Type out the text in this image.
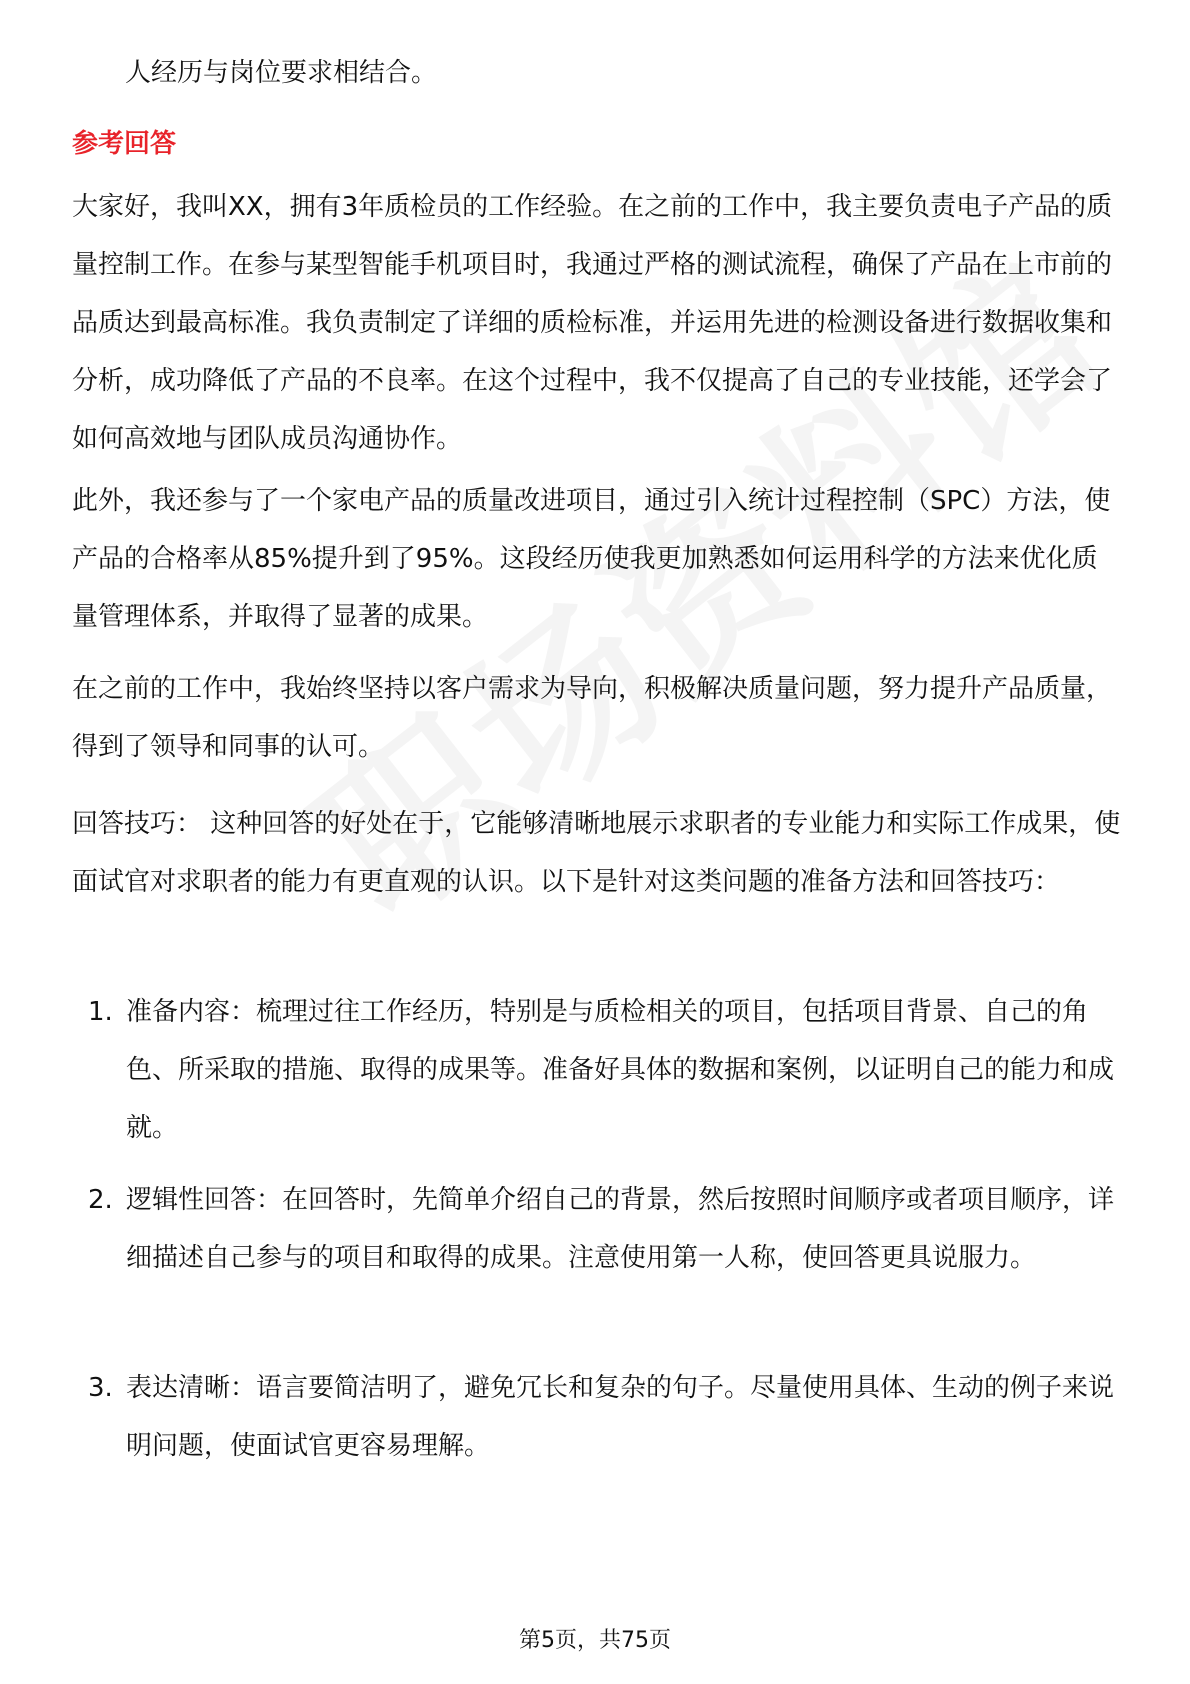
人经历与岗位要求相结合。

参考回答

大家好，我叫XX，拥有3年质检员的工作经验。在之前的工作中，我主要负责电子产品的质量控制工作。在参与某型智能手机项目时，我通过严格的测试流程，确保了产品在上市前的品质达到最高标准。我负责制定了详细的质检标准，并运用先进的检测设备进行数据收集和分析，成功降低了产品的不良率。在这个过程中，我不仅提高了自己的专业技能，还学会了如何高效地与团队成员沟通协作。

此外，我还参与了一个家电产品的质量改进项目，通过引入统计过程控制（SPC）方法，使产品的合格率从85%提升到了95%。这段经历使我更加熟悉如何运用科学的方法来优化质量管理体系，并取得了显著的成果。

在之前的工作中，我始终坚持以客户需求为导向，积极解决质量问题，努力提升产品质量，得到了领导和同事的认可。

回答技巧： 这种回答的好处在于，它能够清晰地展示求职者的专业能力和实际工作成果，使面试官对求职者的能力有更直观的认识。以下是针对这类问题的准备方法和回答技巧：

1. 准备内容：梳理过往工作经历，特别是与质检相关的项目，包括项目背景、自己的角色、所采取的措施、取得的成果等。准备好具体的数据和案例，以证明自己的能力和成就。

2. 逻辑性回答：在回答时，先简单介绍自己的背景，然后按照时间顺序或者项目顺序，详细描述自己参与的项目和取得的成果。注意使用第一人称，使回答更具说服力。

3. 表达清晰：语言要简洁明了，避免冗长和复杂的句子。尽量使用具体、生动的例子来说明问题，使面试官更容易理解。

第5页，共75页
